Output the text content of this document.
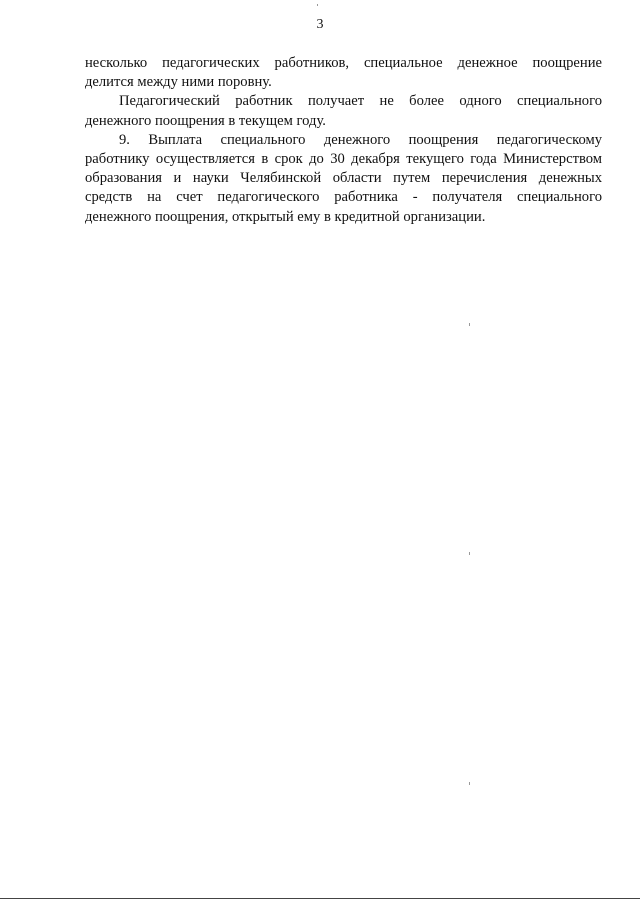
3
несколько педагогических работников, специальное денежное поощрение
делится между ними поровну.
Педагогический работник получает не более одного специального
денежного поощрения в текущем году.
9. Выплата специального денежного поощрения педагогическому
работнику осуществляется в срок до 30 декабря текущего года Министерством
образования и науки Челябинской области путем перечисления денежных
средств на счет педагогического работника - получателя специального
денежного поощрения, открытый ему в кредитной организации.
